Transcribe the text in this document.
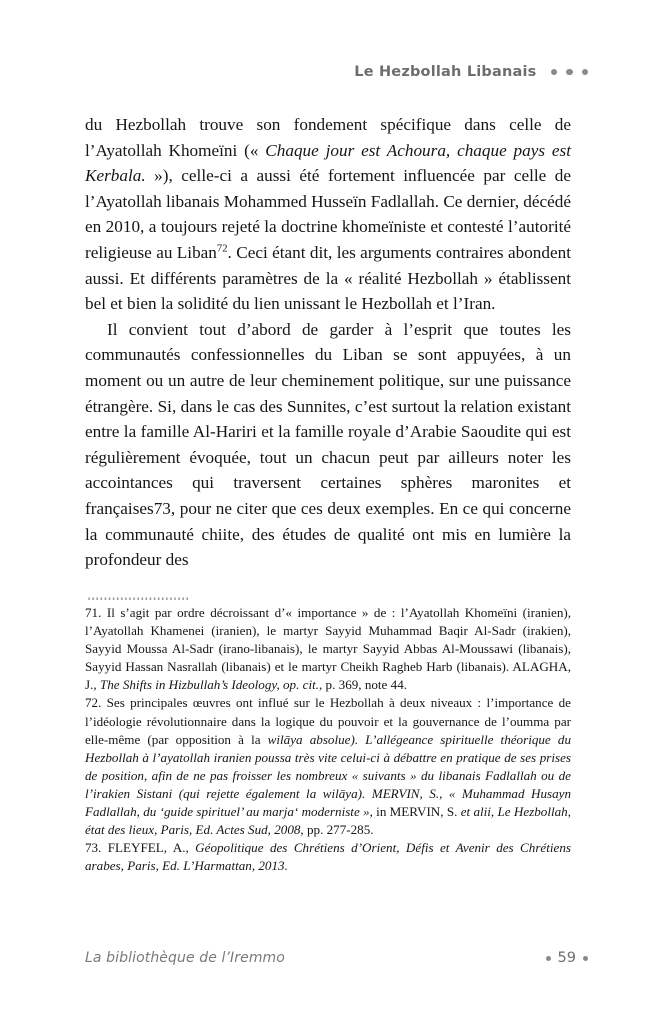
Le Hezbollah Libanais

du Hezbollah trouve son fondement spécifique dans celle de l’Ayatollah Khomeïni (« Chaque jour est Achoura, chaque pays est Kerbala. »), celle-ci a aussi été fortement influencée par celle de l’Ayatollah libanais Mohammed Husseïn Fadlallah. Ce dernier, décédé en 2010, a toujours rejeté la doctrine khomeïniste et contesté l’autorité religieuse au Liban$^{72}$. Ceci étant dit, les arguments contraires abondent aussi. Et différents paramètres de la « réalité Hezbollah » établissent bel et bien la solidité du lien unissant le Hezbollah et l’Iran.

Il convient tout d’abord de garder à l’esprit que toutes les communautés confessionnelles du Liban se sont appuyées, à un moment ou un autre de leur cheminement politique, sur une puissance étrangère. Si, dans le cas des Sunnites, c’est surtout la relation existant entre la famille Al-Hariri et la famille royale d’Arabie Saoudite qui est régulièrement évoquée, tout un chacun peut par ailleurs noter les accointances qui traversent certaines sphères maronites et françaises73, pour ne citer que ces deux exemples. En ce qui concerne la communauté chiite, des études de qualité ont mis en lumière la profondeur des

71. Il s’agit par ordre décroissant d’« importance » de : l’Ayatollah Khomeïni (iranien), l’Ayatollah Khamenei (iranien), le martyr Sayyid Muhammad Baqir Al-Sadr (irakien), Sayyid Moussa Al-Sadr (irano-libanais), le martyr Sayyid Abbas Al-Moussawi (libanais), Sayyid Hassan Nasrallah (libanais) et le martyr Cheikh Ragheb Harb (libanais). ALAGHA, J., The Shifts in Hizbullah’s Ideology, op. cit., p. 369, note 44.

72. Ses principales œuvres ont influé sur le Hezbollah à deux niveaux : l’importance de l’idéologie révolutionnaire dans la logique du pouvoir et la gouvernance de l’oumma par elle-même (par opposition à la wilāya absolue). L’allégeance spirituelle théorique du Hezbollah à l’ayatollah iranien poussa très vite celui-ci à débattre en pratique de ses prises de position, afin de ne pas froisser les nombreux « suivants » du libanais Fadlallah ou de l’irakien Sistani (qui rejette également la wilāya). MERVIN, S., « Muhammad Husayn Fadlallah, du ‘guide spirituel’ au marja‘ moderniste », in MERVIN, S. et alii, Le Hezbollah, état des lieux, Paris, Ed. Actes Sud, 2008, pp. 277-285.

73. FLEYFEL, A., Géopolitique des Chrétiens d’Orient, Défis et Avenir des Chrétiens arabes, Paris, Ed. L’Harmattan, 2013.

La bibliothèque de l’Iremmo	59
